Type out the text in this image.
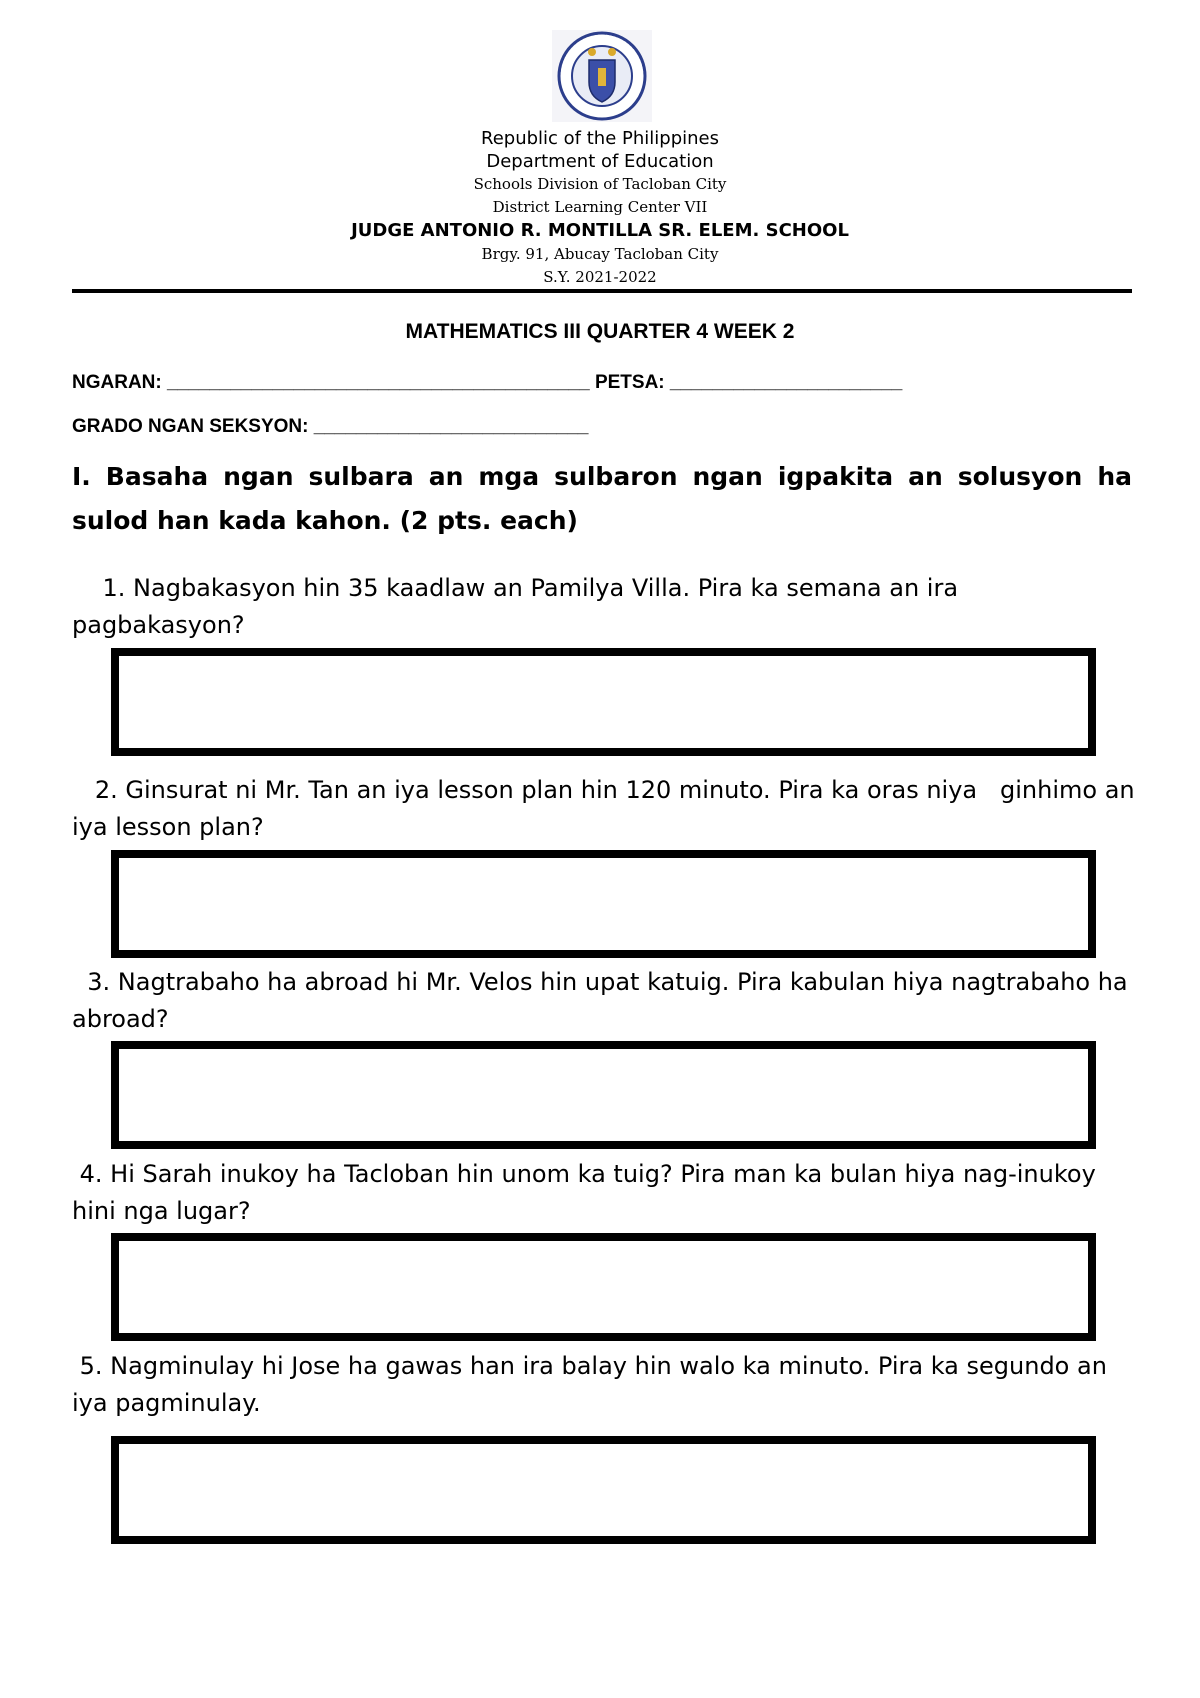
Republic of the Philippines
Department of Education
Schools Division of Tacloban City
District Learning Center VII
JUDGE ANTONIO R. MONTILLA SR. ELEM. SCHOOL
Brgy. 91, Abucay Tacloban City
S.Y. 2021-2022
MATHEMATICS III QUARTER 4 WEEK 2
NGARAN: ________________________________________ PETSA: ______________________
GRADO NGAN SEKSYON: __________________________
I. Basaha ngan sulbara an mga sulbaron ngan igpakita an solusyon ha sulod han kada kahon. (2 pts. each)
1. Nagbakasyon hin 35 kaadlaw an Pamilya Villa. Pira ka semana an ira pagbakasyon?
2. Ginsurat ni Mr. Tan an iya lesson plan hin 120 minuto. Pira ka oras niya   ginhimo an iya lesson plan?
3. Nagtrabaho ha abroad hi Mr. Velos hin upat katuig. Pira kabulan hiya nagtrabaho ha abroad?
4. Hi Sarah inukoy ha Tacloban hin unom ka tuig? Pira man ka bulan hiya nag-inukoy hini nga lugar?
5. Nagminulay hi Jose ha gawas han ira balay hin walo ka minuto. Pira ka segundo an iya pagminulay.
